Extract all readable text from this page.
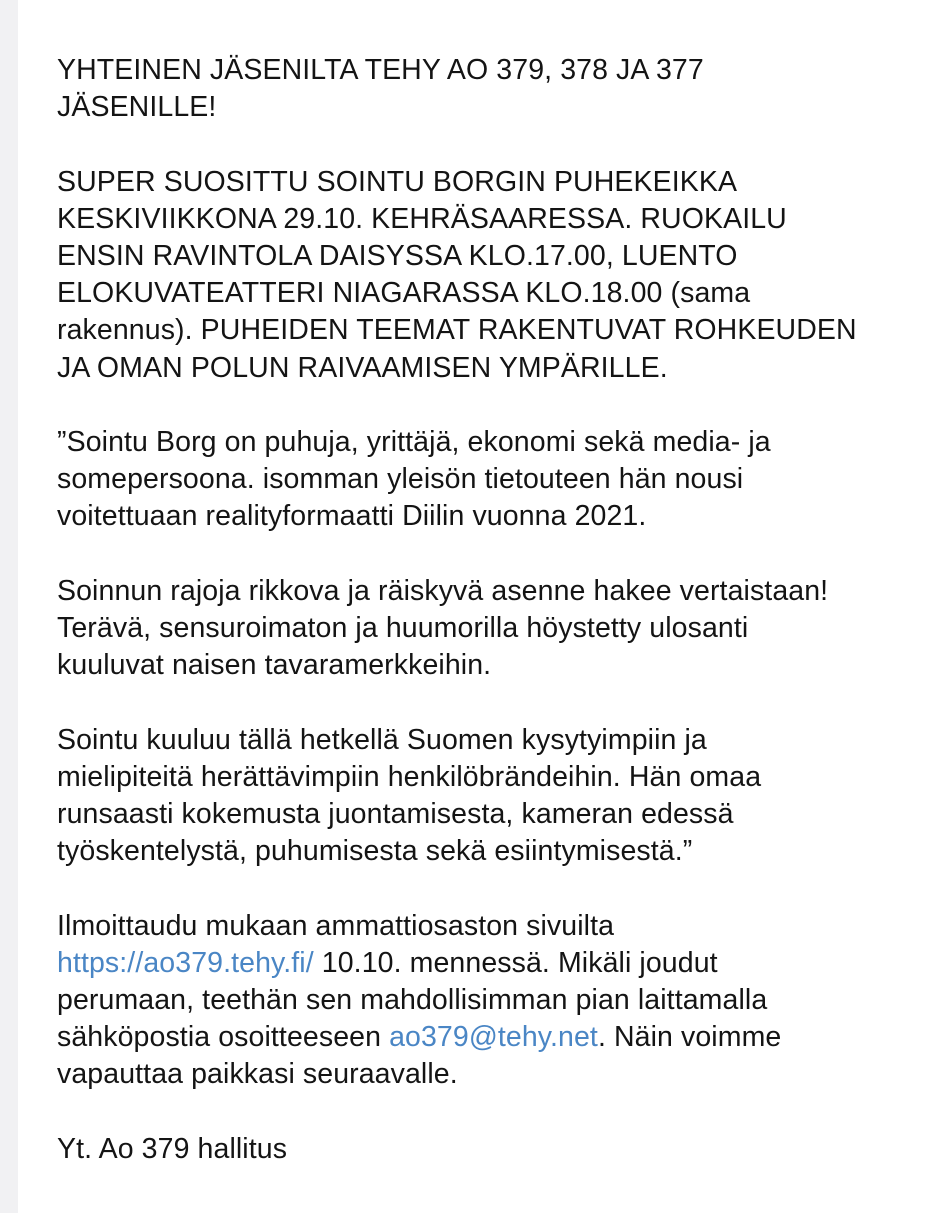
YHTEINEN JÄSENILTA TEHY AO 379, 378 JA 377
JÄSENILLE!

SUPER SUOSITTU SOINTU BORGIN PUHEKEIKKA
KESKIVIIKKONA 29.10. KEHRÄSAARESSA. RUOKAILU
ENSIN RAVINTOLA DAISYSSA KLO.17.00, LUENTO
ELOKUVATEATTERI NIAGARASSA KLO.18.00 (sama
rakennus). PUHEIDEN TEEMAT RAKENTUVAT ROHKEUDEN
JA OMAN POLUN RAIVAAMISEN YMPÄRILLE.

”Sointu Borg on puhuja, yrittäjä, ekonomi sekä media- ja
somepersoona. isomman yleisön tietouteen hän nousi
voitettuaan realityformaatti Diilin vuonna 2021.

Soinnun rajoja rikkova ja räiskyvä asenne hakee vertaistaan!
Terävä, sensuroimaton ja huumorilla höystetty ulosanti
kuuluvat naisen tavaramerkkeihin.

Sointu kuuluu tällä hetkellä Suomen kysytyimpiin ja
mielipiteitä herättävimpiin henkilöbrändeihin. Hän omaa
runsaasti kokemusta juontamisesta, kameran edessä
työskentelystä, puhumisesta sekä esiintymisestä.”

Ilmoittaudu mukaan ammattiosaston sivuilta
https://ao379.tehy.fi/ 10.10. mennessä. Mikäli joudut
perumaan, teethän sen mahdollisimman pian laittamalla
sähköpostia osoitteeseen ao379@tehy.net. Näin voimme
vapauttaa paikkasi seuraavalle.

Yt. Ao 379 hallitus
